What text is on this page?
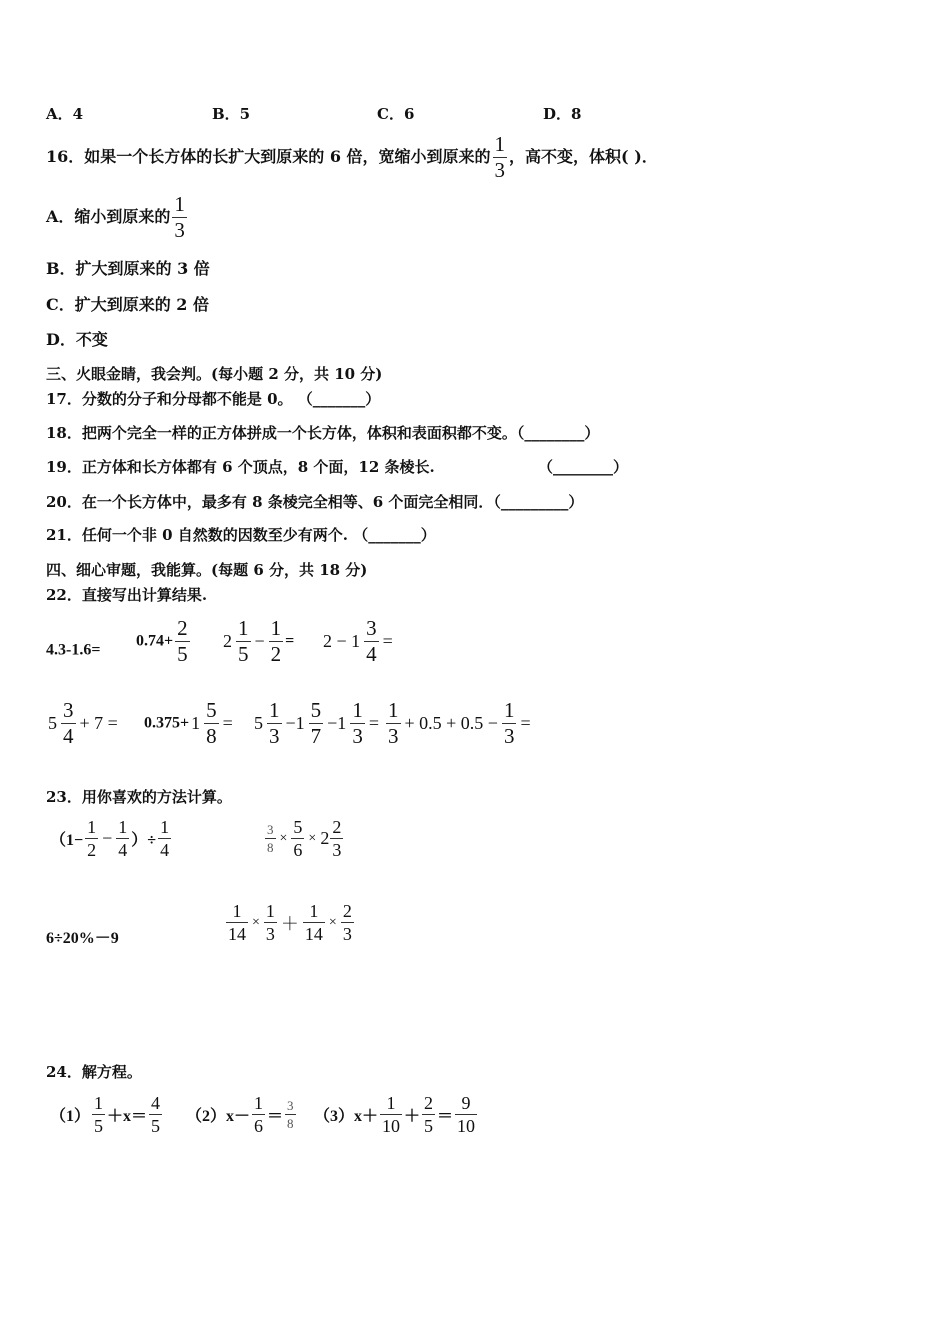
A．4	B．5	C．6	D．8
16．如果一个长方体的长扩大到原来的 6 倍，宽缩小到原来的 $\frac{1}{3}$ ，高不变，体积( )．
A．缩小到原来的 $\frac{1}{3}$
B．扩大到原来的 3 倍
C．扩大到原来的 2 倍
D．不变
三、火眼金睛，我会判。(每小题 2 分，共 10 分)
17．分数的分子和分母都不能是 0。 （_______）
18．把两个完全一样的正方体拼成一个长方体，体积和表面积都不变。（________）
19．正方体和长方体都有 6 个顶点，8 个面，12 条棱长.	（________）
20．在一个长方体中，最多有 8 条棱完全相等、6 个面完全相同．（_________）
21．任何一个非 0 自然数的因数至少有两个. （_______）
四、细心审题，我能算。(每题 6 分，共 18 分)
22．直接写出计算结果.
4.3-1.6=
$0.74+ \frac{2}{5} 2 \frac{1}{5} - \frac{1}{2} = 2 - 1 \frac{3}{4}$ =
$5 \frac{3}{4} + 7 = 0.375+ 1 \frac{5}{8} = 5 \frac{1}{3} -1 \frac{5}{7} -1 \frac{1}{3} = \frac{1}{3} + 0.5 + 0.5 - \frac{1}{3}$ =
23．用你喜欢的方法计算。
（$1- \frac{1}{2} - \frac{1}{4}$ ）÷ $\frac{1}{4}$	$\frac{3}{8} \times \frac{5}{6} \times 2 \frac{2}{3}$
6÷20%－9	$\frac{1}{14} \times \frac{1}{3} + \frac{1}{14} \times \frac{2}{3}$
24．解方程。
$(1) \frac{1}{5} +x= \frac{4}{5} (2)x- \frac{1}{6} = \frac{3}{8} (3)x+ \frac{1}{10} + \frac{2}{5} = \frac{9}{10}$
